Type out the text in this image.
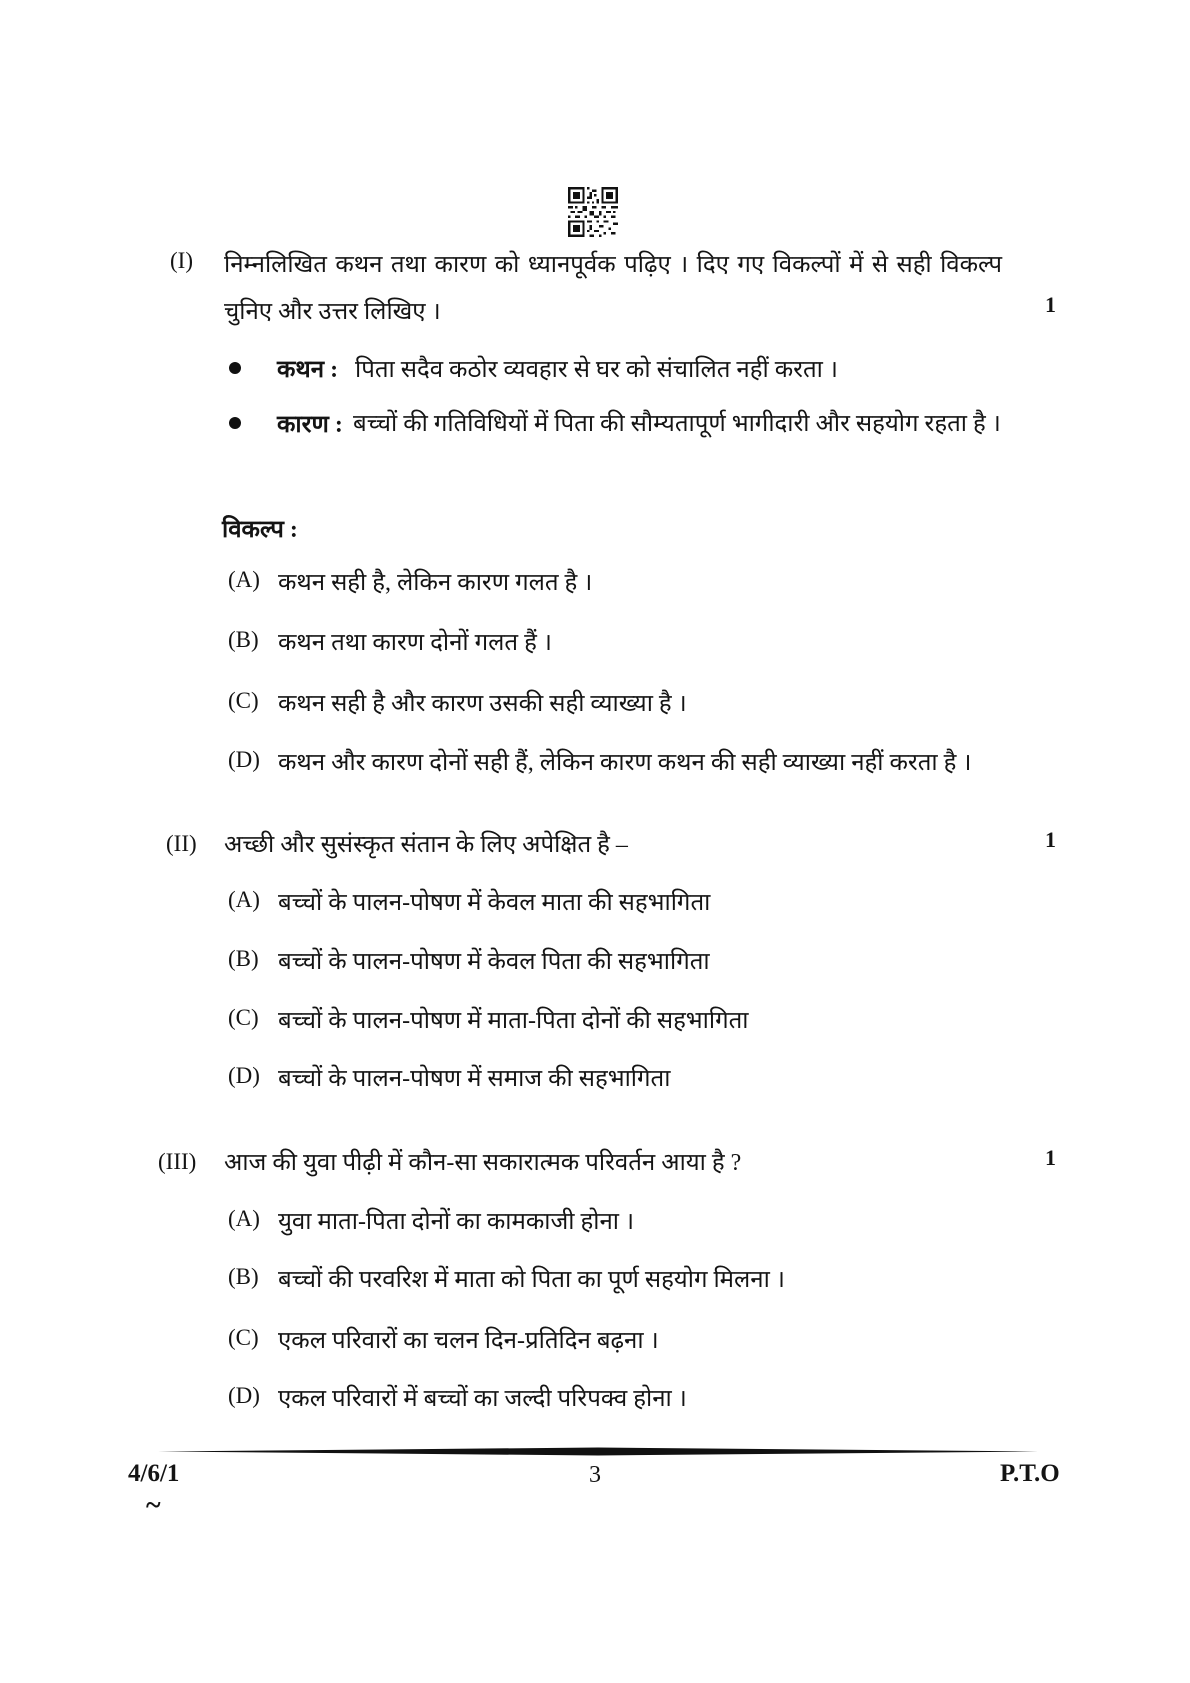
(I) निम्नलिखित कथन तथा कारण को ध्यानपूर्वक पढ़िए । दिए गए विकल्पों में से सही विकल्प चुनिए और उत्तर लिखिए ।	1
कथन : पिता सदैव कठोर व्यवहार से घर को संचालित नहीं करता ।
कारण : बच्चों की गतिविधियों में पिता की सौम्यतापूर्ण भागीदारी और सहयोग रहता है ।
विकल्प :
(A) कथन सही है, लेकिन कारण गलत है ।
(B) कथन तथा कारण दोनों गलत हैं ।
(C) कथन सही है और कारण उसकी सही व्याख्या है ।
(D) कथन और कारण दोनों सही हैं, लेकिन कारण कथन की सही व्याख्या नहीं करता है ।
(II) अच्छी और सुसंस्कृत संतान के लिए अपेक्षित है –	1
(A) बच्चों के पालन-पोषण में केवल माता की सहभागिता
(B) बच्चों के पालन-पोषण में केवल पिता की सहभागिता
(C) बच्चों के पालन-पोषण में माता-पिता दोनों की सहभागिता
(D) बच्चों के पालन-पोषण में समाज की सहभागिता
(III) आज की युवा पीढ़ी में कौन-सा सकारात्मक परिवर्तन आया है ?	1
(A) युवा माता-पिता दोनों का कामकाजी होना ।
(B) बच्चों की परवरिश में माता को पिता का पूर्ण सहयोग मिलना ।
(C) एकल परिवारों का चलन दिन-प्रतिदिन बढ़ना ।
(D) एकल परिवारों में बच्चों का जल्दी परिपक्व होना ।
3
4/6/1	P.T.O
~
